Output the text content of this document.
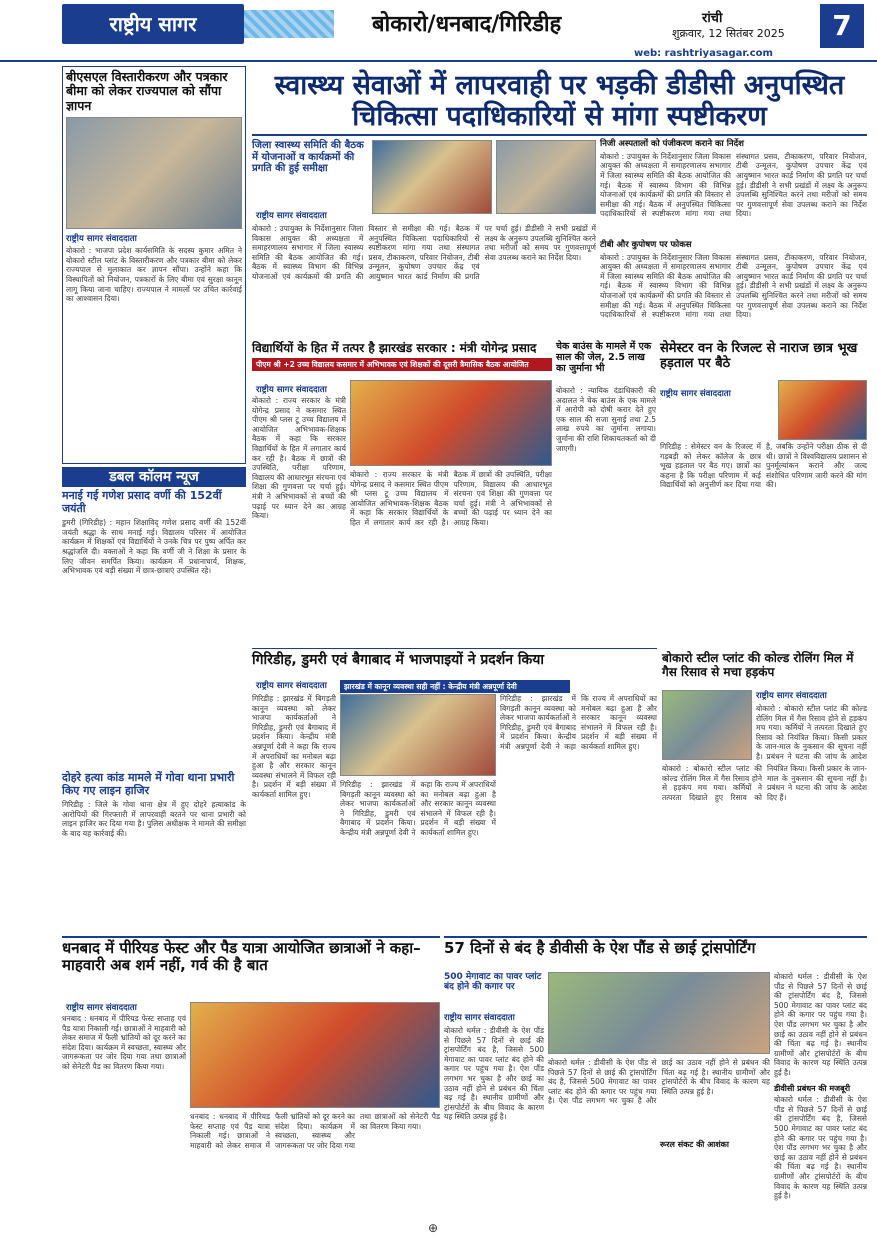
राष्ट्रीय सागर	बोकारो/धनबाद/गिरिडीह	रांची
शुक्रवार, 12 सितंबर 2025	7
web: rashtriyasagar.com
बीएसएल विस्तारीकरण और पत्रकार बीमा को लेकर राज्यपाल को सौंपा ज्ञापन
राष्ट्रीय सागर संवाददाता
बोकारो : भाजपा प्रदेश कार्यसमिति के सदस्य कुमार अमित ने बोकारो स्टील प्लांट के विस्तारीकरण और पत्रकार बीमा को लेकर राज्यपाल से मुलाकात कर ज्ञापन सौंपा। उन्होंने कहा कि विस्थापितों को नियोजन, पत्रकारों के लिए बीमा एवं सुरक्षा कानून लागू किया जाना चाहिए। राज्यपाल ने मामलों पर उचित कार्रवाई का आश्वासन दिया।
स्वास्थ्य सेवाओं में लापरवाही पर भड़की डीडीसी अनुपस्थित चिकित्सा पदाधिकारियों से मांगा स्पष्टीकरण
जिला स्वास्थ्य समिति की बैठक में योजनाओं व कार्यक्रमों की प्रगति की हुई समीक्षा
राष्ट्रीय सागर संवाददाता
बोकारो : उपायुक्त के निर्देशानुसार जिला विकास आयुक्त की अध्यक्षता में समाहरणालय सभागार में जिला स्वास्थ्य समिति की बैठक आयोजित की गई। बैठक में स्वास्थ्य विभाग की विभिन्न योजनाओं एवं कार्यक्रमों की प्रगति की विस्तार से समीक्षा की गई। बैठक में अनुपस्थित चिकित्सा पदाधिकारियों से स्पष्टीकरण मांगा गया तथा संस्थागत प्रसव, टीकाकरण, परिवार नियोजन, टीबी उन्मूलन, कुपोषण उपचार केंद्र एवं आयुष्मान भारत कार्ड निर्माण की प्रगति पर चर्चा हुई। डीडीसी ने सभी प्रखंडों में लक्ष्य के अनुरूप उपलब्धि सुनिश्चित करने तथा मरीजों को समय पर गुणवत्तापूर्ण सेवा उपलब्ध कराने का निर्देश दिया।
निजी अस्पतालों को पंजीकरण कराने का निर्देश
बोकारो : उपायुक्त के निर्देशानुसार जिला विकास आयुक्त की अध्यक्षता में समाहरणालय सभागार में जिला स्वास्थ्य समिति की बैठक आयोजित की गई। बैठक में स्वास्थ्य विभाग की विभिन्न योजनाओं एवं कार्यक्रमों की प्रगति की विस्तार से समीक्षा की गई। बैठक में अनुपस्थित चिकित्सा पदाधिकारियों से स्पष्टीकरण मांगा गया तथा संस्थागत प्रसव, टीकाकरण, परिवार नियोजन, टीबी उन्मूलन, कुपोषण उपचार केंद्र एवं आयुष्मान भारत कार्ड निर्माण की प्रगति पर चर्चा हुई। डीडीसी ने सभी प्रखंडों में लक्ष्य के अनुरूप उपलब्धि सुनिश्चित करने तथा मरीजों को समय पर गुणवत्तापूर्ण सेवा उपलब्ध कराने का निर्देश दिया।
टीबी और कुपोषण पर फोकस
बोकारो : उपायुक्त के निर्देशानुसार जिला विकास आयुक्त की अध्यक्षता में समाहरणालय सभागार में जिला स्वास्थ्य समिति की बैठक आयोजित की गई। बैठक में स्वास्थ्य विभाग की विभिन्न योजनाओं एवं कार्यक्रमों की प्रगति की विस्तार से समीक्षा की गई। बैठक में अनुपस्थित चिकित्सा पदाधिकारियों से स्पष्टीकरण मांगा गया तथा संस्थागत प्रसव, टीकाकरण, परिवार नियोजन, टीबी उन्मूलन, कुपोषण उपचार केंद्र एवं आयुष्मान भारत कार्ड निर्माण की प्रगति पर चर्चा हुई। डीडीसी ने सभी प्रखंडों में लक्ष्य के अनुरूप उपलब्धि सुनिश्चित करने तथा मरीजों को समय पर गुणवत्तापूर्ण सेवा उपलब्ध कराने का निर्देश दिया।
डबल कॉलम न्यूज
मनाई गई गणेश प्रसाद वर्णी की 152वीं जयंती
डुमरी (गिरिडीह) : महान शिक्षाविद् गणेश प्रसाद वर्णी की 152वीं जयंती श्रद्धा के साथ मनाई गई। विद्यालय परिसर में आयोजित कार्यक्रम में शिक्षकों एवं विद्यार्थियों ने उनके चित्र पर पुष्प अर्पित कर श्रद्धांजलि दी। वक्ताओं ने कहा कि वर्णी जी ने शिक्षा के प्रसार के लिए जीवन समर्पित किया। कार्यक्रम में प्रधानाचार्य, शिक्षक, अभिभावक एवं बड़ी संख्या में छात्र-छात्राएं उपस्थित रहे।
दोहरे हत्या कांड मामले में गोवा थाना प्रभारी किए गए लाइन हाजिर
गिरिडीह : जिले के गोवा थाना क्षेत्र में हुए दोहरे हत्याकांड के आरोपियों की गिरफ्तारी में लापरवाही बरतने पर थाना प्रभारी को लाइन हाजिर कर दिया गया है। पुलिस अधीक्षक ने मामले की समीक्षा के बाद यह कार्रवाई की।
विद्यार्थियों के हित में तत्पर है झारखंड सरकार : मंत्री योगेन्द्र प्रसाद
पीएम श्री +2 उच्च विद्यालय कसमार में अभिभावक एवं शिक्षकों की दूसरी त्रैमासिक बैठक आयोजित
राष्ट्रीय सागर संवाददाता
बोकारो : राज्य सरकार के मंत्री योगेन्द्र प्रसाद ने कसमार स्थित पीएम श्री प्लस टू उच्च विद्यालय में आयोजित अभिभावक-शिक्षक बैठक में कहा कि सरकार विद्यार्थियों के हित में लगातार कार्य कर रही है। बैठक में छात्रों की उपस्थिति, परीक्षा परिणाम, विद्यालय की आधारभूत संरचना एवं शिक्षा की गुणवत्ता पर चर्चा हुई। मंत्री ने अभिभावकों से बच्चों की पढ़ाई पर ध्यान देने का आग्रह किया।
बोकारो : राज्य सरकार के मंत्री योगेन्द्र प्रसाद ने कसमार स्थित पीएम श्री प्लस टू उच्च विद्यालय में आयोजित अभिभावक-शिक्षक बैठक में कहा कि सरकार विद्यार्थियों के हित में लगातार कार्य कर रही है। बैठक में छात्रों की उपस्थिति, परीक्षा परिणाम, विद्यालय की आधारभूत संरचना एवं शिक्षा की गुणवत्ता पर चर्चा हुई। मंत्री ने अभिभावकों से बच्चों की पढ़ाई पर ध्यान देने का आग्रह किया।
चेक बाउंस के मामले में एक साल की जेल, 2.5 लाख का जुर्माना भी
बोकारो : न्यायिक दंडाधिकारी की अदालत ने चेक बाउंस के एक मामले में आरोपी को दोषी करार देते हुए एक साल की सजा सुनाई तथा 2.5 लाख रुपये का जुर्माना लगाया। जुर्माना की राशि शिकायतकर्ता को दी जाएगी।
सेमेस्टर वन के रिजल्ट से नाराज छात्र भूख हड़ताल पर बैठे
राष्ट्रीय सागर संवाददाता
गिरिडीह : सेमेस्टर वन के रिजल्ट में गड़बड़ी को लेकर कॉलेज के छात्र भूख हड़ताल पर बैठ गए। छात्रों का कहना है कि परीक्षा परिणाम में कई विद्यार्थियों को अनुत्तीर्ण कर दिया गया है, जबकि उन्होंने परीक्षा ठीक से दी थी। छात्रों ने विश्वविद्यालय प्रशासन से पुनर्मूल्यांकन कराने और जल्द संशोधित परिणाम जारी करने की मांग की।
गिरिडीह, डुमरी एवं बैगाबाद में भाजपाइयों ने प्रदर्शन किया
झारखंड में कानून व्यवस्था सही नहीं : केन्द्रीय मंत्री अन्नपूर्णा देवी
राष्ट्रीय सागर संवाददाता
गिरिडीह : झारखंड में बिगड़ती कानून व्यवस्था को लेकर भाजपा कार्यकर्ताओं ने गिरिडीह, डुमरी एवं बैगाबाद में प्रदर्शन किया। केन्द्रीय मंत्री अन्नपूर्णा देवी ने कहा कि राज्य में अपराधियों का मनोबल बढ़ा हुआ है और सरकार कानून व्यवस्था संभालने में विफल रही है। प्रदर्शन में बड़ी संख्या में कार्यकर्ता शामिल हुए।
गिरिडीह : झारखंड में बिगड़ती कानून व्यवस्था को लेकर भाजपा कार्यकर्ताओं ने गिरिडीह, डुमरी एवं बैगाबाद में प्रदर्शन किया। केन्द्रीय मंत्री अन्नपूर्णा देवी ने कहा कि राज्य में अपराधियों का मनोबल बढ़ा हुआ है और सरकार कानून व्यवस्था संभालने में विफल रही है। प्रदर्शन में बड़ी संख्या में कार्यकर्ता शामिल हुए।
गिरिडीह : झारखंड में बिगड़ती कानून व्यवस्था को लेकर भाजपा कार्यकर्ताओं ने गिरिडीह, डुमरी एवं बैगाबाद में प्रदर्शन किया। केन्द्रीय मंत्री अन्नपूर्णा देवी ने कहा कि राज्य में अपराधियों का मनोबल बढ़ा हुआ है और सरकार कानून व्यवस्था संभालने में विफल रही है। प्रदर्शन में बड़ी संख्या में कार्यकर्ता शामिल हुए।
बोकारो स्टील प्लांट की कोल्ड रोलिंग मिल में गैस रिसाव से मचा हड़कंप
राष्ट्रीय सागर संवाददाता
बोकारो : बोकारो स्टील प्लांट की कोल्ड रोलिंग मिल में गैस रिसाव होने से हड़कंप मच गया। कर्मियों ने तत्परता दिखाते हुए रिसाव को नियंत्रित किया। किसी प्रकार के जान-माल के नुकसान की सूचना नहीं है। प्रबंधन ने घटना की जांच के आदेश
बोकारो : बोकारो स्टील प्लांट की कोल्ड रोलिंग मिल में गैस रिसाव होने से हड़कंप मच गया। कर्मियों ने तत्परता दिखाते हुए रिसाव को नियंत्रित किया। किसी प्रकार के जान-माल के नुकसान की सूचना नहीं है। प्रबंधन ने घटना की जांच के आदेश दिए हैं।
धनबाद में पीरियड फेस्ट और पैड यात्रा आयोजित छात्राओं ने कहा– माहवारी अब शर्म नहीं, गर्व की है बात
राष्ट्रीय सागर संवाददाता
धनबाद : धनबाद में पीरियड फेस्ट सप्ताह एवं पैड यात्रा निकाली गई। छात्राओं ने माहवारी को लेकर समाज में फैली भ्रांतियों को दूर करने का संदेश दिया। कार्यक्रम में स्वच्छता, स्वास्थ्य और जागरूकता पर जोर दिया गया तथा छात्राओं को सेनेटरी पैड का वितरण किया गया।
धनबाद : धनबाद में पीरियड फेस्ट सप्ताह एवं पैड यात्रा निकाली गई। छात्राओं ने माहवारी को लेकर समाज में फैली भ्रांतियों को दूर करने का संदेश दिया। कार्यक्रम में स्वच्छता, स्वास्थ्य और जागरूकता पर जोर दिया गया तथा छात्राओं को सेनेटरी पैड का वितरण किया गया।
57 दिनों से बंद है डीवीसी के ऐश पौंड से छाई ट्रांसपोर्टिंग
500 मेगावाट का पावर प्लांट बंद होने की कगार पर
राष्ट्रीय सागर संवाददाता
बोकारो थर्मल : डीवीसी के ऐश पौंड से पिछले 57 दिनों से छाई की ट्रांसपोर्टिंग बंद है, जिससे 500 मेगावाट का पावर प्लांट बंद होने की कगार पर पहुंच गया है। ऐश पौंड लगभग भर चुका है और छाई का उठाव नहीं होने से प्रबंधन की चिंता बढ़ गई है। स्थानीय ग्रामीणों और ट्रांसपोर्टरों के बीच विवाद के कारण यह स्थिति उत्पन्न हुई है।
बोकारो थर्मल : डीवीसी के ऐश पौंड से पिछले 57 दिनों से छाई की ट्रांसपोर्टिंग बंद है, जिससे 500 मेगावाट का पावर प्लांट बंद होने की कगार पर पहुंच गया है। ऐश पौंड लगभग भर चुका है और छाई का उठाव नहीं होने से प्रबंधन की चिंता बढ़ गई है। स्थानीय ग्रामीणों और ट्रांसपोर्टरों के बीच विवाद के कारण यह स्थिति उत्पन्न हुई है।
बोकारो थर्मल : डीवीसी के ऐश पौंड से पिछले 57 दिनों से छाई की ट्रांसपोर्टिंग बंद है, जिससे 500 मेगावाट का पावर प्लांट बंद होने की कगार पर पहुंच गया है। ऐश पौंड लगभग भर चुका है और छाई का उठाव नहीं होने से प्रबंधन की चिंता बढ़ गई है। स्थानीय ग्रामीणों और ट्रांसपोर्टरों के बीच विवाद के कारण यह स्थिति उत्पन्न हुई है।
डीवीसी प्रबंधन की मजबूरी
बोकारो थर्मल : डीवीसी के ऐश पौंड से पिछले 57 दिनों से छाई की ट्रांसपोर्टिंग बंद है, जिससे 500 मेगावाट का पावर प्लांट बंद होने की कगार पर पहुंच गया है। ऐश पौंड लगभग भर चुका है और छाई का उठाव नहीं होने से प्रबंधन की चिंता बढ़ गई है। स्थानीय ग्रामीणों और ट्रांसपोर्टरों के बीच विवाद के कारण यह स्थिति उत्पन्न हुई है।
रूरल संकट की आशंका
⊕
